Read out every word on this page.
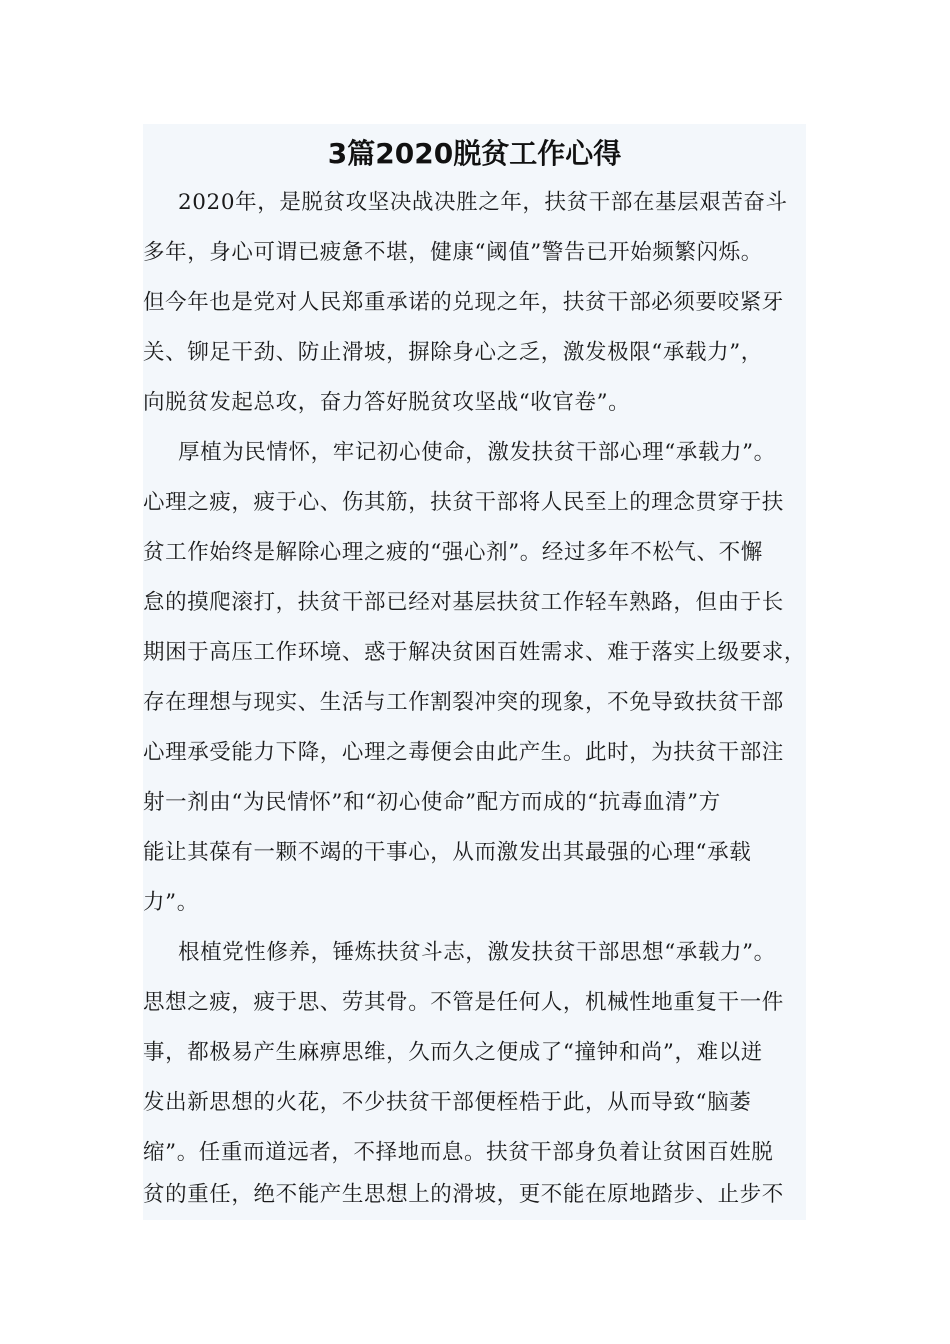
3篇2020脱贫工作心得
2020年，是脱贫攻坚决战决胜之年，扶贫干部在基层艰苦奋斗
多年，身心可谓已疲惫不堪，健康“阈值”警告已开始频繁闪烁。
但今年也是党对人民郑重承诺的兑现之年，扶贫干部必须要咬紧牙
关、铆足干劲、防止滑坡，摒除身心之乏，激发极限“承载力”，
向脱贫发起总攻，奋力答好脱贫攻坚战“收官卷”。
厚植为民情怀，牢记初心使命，激发扶贫干部心理“承载力”。
心理之疲，疲于心、伤其筋，扶贫干部将人民至上的理念贯穿于扶
贫工作始终是解除心理之疲的“强心剂”。经过多年不松气、不懈
怠的摸爬滚打，扶贫干部已经对基层扶贫工作轻车熟路，但由于长
期困于高压工作环境、惑于解决贫困百姓需求、难于落实上级要求，
存在理想与现实、生活与工作割裂冲突的现象，不免导致扶贫干部
心理承受能力下降，心理之毒便会由此产生。此时，为扶贫干部注
射一剂由“为民情怀”和“初心使命”配方而成的“抗毒血清”方
能让其葆有一颗不竭的干事心，从而激发出其最强的心理“承载
力”。
根植党性修养，锤炼扶贫斗志，激发扶贫干部思想“承载力”。
思想之疲，疲于思、劳其骨。不管是任何人，机械性地重复干一件
事，都极易产生麻痹思维，久而久之便成了“撞钟和尚”，难以迸
发出新思想的火花，不少扶贫干部便桎梏于此，从而导致“脑萎
缩”。任重而道远者，不择地而息。扶贫干部身负着让贫困百姓脱
贫的重任，绝不能产生思想上的滑坡，更不能在原地踏步、止步不
